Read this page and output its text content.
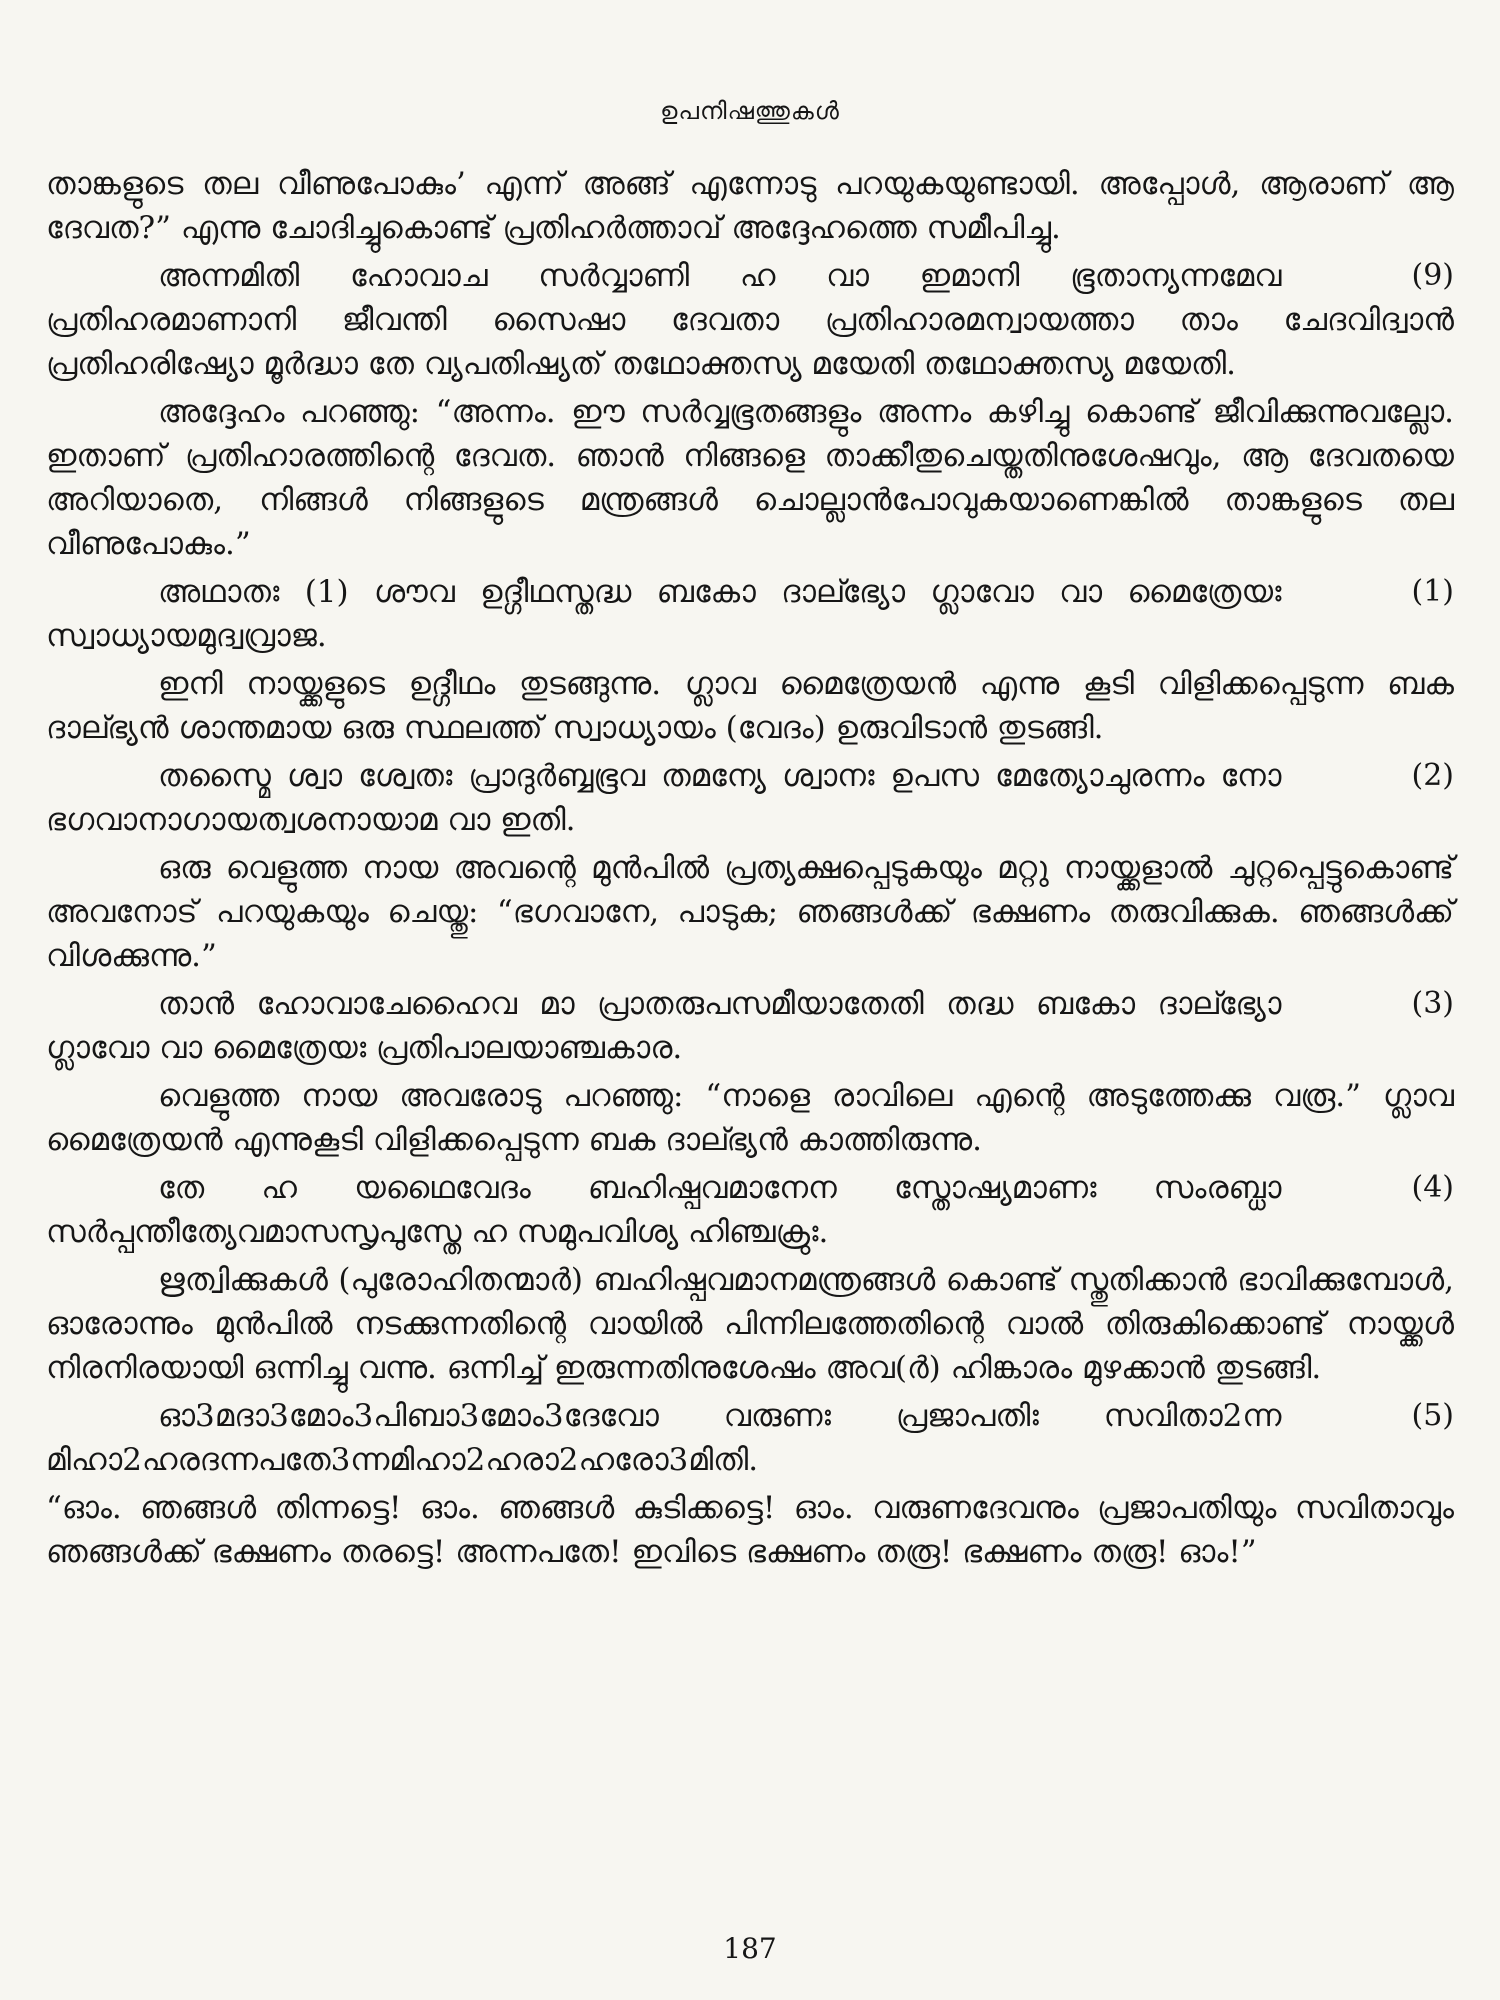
ഉപനിഷത്തുകൾ

താങ്കളുടെ തല വീണുപോകും’ എന്ന് അങ്ങ് എന്നോടു പറയുകയുണ്ടായി. അപ്പോൾ, ആരാണ് ആ ദേവത?” എന്നു ചോദിച്ചുകൊണ്ട് പ്രതിഹർത്താവ് അദ്ദേഹത്തെ സമീപിച്ചു.

(9)
അന്നമിതി ഹോവാച സർവ്വാണി ഹ വാ ഇമാനി ഭൂതാന്യന്നമേവ പ്രതിഹരമാണാനി ജീവന്തി സൈഷാ ദേവതാ പ്രതിഹാരമന്വായത്താ താം ചേദവിദ്വാൻ പ്രതിഹരിഷ്യോ മൂർദ്ധാ തേ വ്യപതിഷ്യത് തഥോക്തസ്യ മയേതി തഥോക്തസ്യ മയേതി.

അദ്ദേഹം പറഞ്ഞു: “അന്നം. ഈ സർവ്വഭൂതങ്ങളും അന്നം കഴിച്ചു കൊണ്ട് ജീവിക്കുന്നുവല്ലോ. ഇതാണ് പ്രതിഹാരത്തിന്റെ ദേവത. ഞാൻ നിങ്ങളെ താക്കീതുചെയ്തതിനുശേഷവും, ആ ദേവതയെ അറിയാതെ, നിങ്ങൾ നിങ്ങളുടെ മന്ത്രങ്ങൾ ചൊല്ലാൻപോവുകയാണെങ്കിൽ താങ്കളുടെ തല വീണുപോകും.”

(1)
അഥാതഃ (1) ശൗവ ഉദ്ഗീഥസ്തദ്ധ ബകോ ദാല്ഭ്യോ ഗ്ലാവോ വാ മൈത്രേയഃ സ്വാധ്യായമുദ്വവ്രാജ.

ഇനി നായ്ക്കളുടെ ഉദ്ഗീഥം തുടങ്ങുന്നു. ഗ്ലാവ മൈത്രേയൻ എന്നു കൂടി വിളിക്കപ്പെടുന്ന ബക ദാല്ഭ്യൻ ശാന്തമായ ഒരു സ്ഥലത്ത് സ്വാധ്യായം (വേദം) ഉരുവിടാൻ തുടങ്ങി.

(2)
തസ്മൈ ശ്വാ ശ്വേതഃ പ്രാദുർബ്ബഭൂവ തമന്യേ ശ്വാനഃ ഉപസ മേത്യോചുരന്നം നോ ഭഗവാനാഗായത്വശനായാമ വാ ഇതി.

ഒരു വെളുത്ത നായ അവന്റെ മുൻപിൽ പ്രത്യക്ഷപ്പെടുകയും മറ്റു നായ്ക്കളാൽ ചുറ്റപ്പെട്ടുകൊണ്ട് അവനോട് പറയുകയും ചെയ്തു: “ഭഗവാനേ, പാടുക; ഞങ്ങൾക്ക് ഭക്ഷണം തരുവിക്കുക. ഞങ്ങൾക്ക് വിശക്കുന്നു.”

(3)
താൻ ഹോവാചേഹൈവ മാ പ്രാതരുപസമീയാതേതി തദ്ധ ബകോ ദാല്ഭ്യോ ഗ്ലാവോ വാ മൈത്രേയഃ പ്രതിപാലയാഞ്ചകാര.

വെളുത്ത നായ അവരോടു പറഞ്ഞു: “നാളെ രാവിലെ എന്റെ അടുത്തേക്കു വരൂ.” ഗ്ലാവ മൈത്രേയൻ എന്നുകൂടി വിളിക്കപ്പെടുന്ന ബക ദാല്ഭ്യൻ കാത്തിരുന്നു.

(4)
തേ ഹ യഥൈവേദം ബഹിഷ്പവമാനേന സ്തോഷ്യമാണഃ സംരബ്ധാ സർപ്പന്തീത്യേവമാസസൃപുസ്തേ ഹ സമുപവിശ്യ ഹിഞ്ചക്രുഃ.

ഋത്വിക്കുകൾ (പുരോഹിതന്മാർ) ബഹിഷ്പവമാനമന്ത്രങ്ങൾ കൊണ്ട് സ്തുതിക്കാൻ ഭാവിക്കുമ്പോൾ, ഓരോന്നും മുൻപിൽ നടക്കുന്നതിന്റെ വായിൽ പിന്നിലത്തേതിന്റെ വാൽ തിരുകിക്കൊണ്ട് നായ്ക്കൾ നിരനിരയായി ഒന്നിച്ചു വന്നു. ഒന്നിച്ച് ഇരുന്നതിനുശേഷം അവ(ർ) ഹിങ്കാരം മുഴക്കാൻ തുടങ്ങി.

(5)
ഓ3മദാ3മോം3പിബാ3മോം3ദേവോ വരുണഃ പ്രജാപതിഃ സവിതാ2ന്ന മിഹാ2ഹരദന്നപതേ3ന്നമിഹാ2ഹരാ2ഹരോ3മിതി.

“ഓം. ഞങ്ങൾ തിന്നട്ടെ! ഓം. ഞങ്ങൾ കുടിക്കട്ടെ! ഓം. വരുണദേവനും പ്രജാപതിയും സവിതാവും ഞങ്ങൾക്ക് ഭക്ഷണം തരട്ടെ! അന്നപതേ! ഇവിടെ ഭക്ഷണം തരൂ! ഭക്ഷണം തരൂ! ഓം!”

187
